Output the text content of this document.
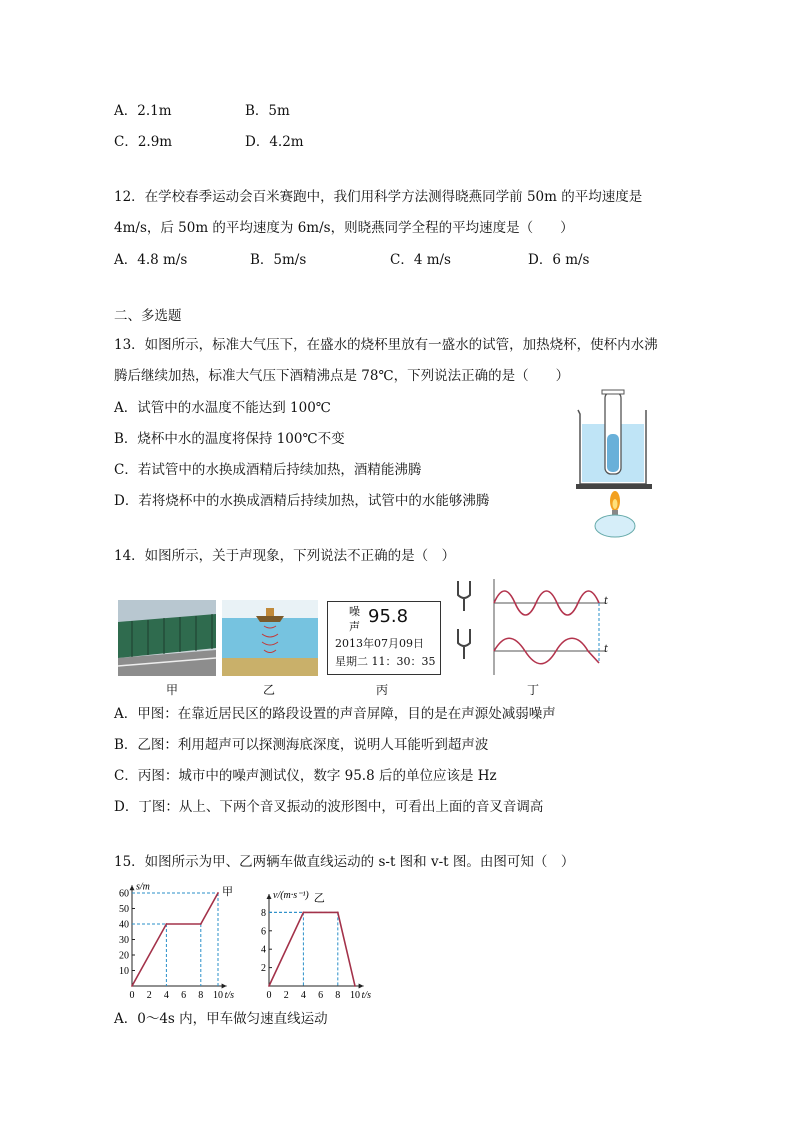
A．2.1m	B．5m
C．2.9m	D．4.2m
12．在学校春季运动会百米赛跑中，我们用科学方法测得晓燕同学前 50m 的平均速度是
4m/s，后 50m 的平均速度为 6m/s，则晓燕同学全程的平均速度是（　　）
A．4.8 m/s	B．5m/s	C．4 m/s	D．6 m/s
二、多选题
13．如图所示，标准大气压下，在盛水的烧杯里放有一盛水的试管，加热烧杯，使杯内水沸
腾后继续加热，标准大气压下酒精沸点是 78℃，下列说法正确的是（　　）
A．试管中的水温度不能达到 100℃
B．烧杯中水的温度将保持 100℃不变
C．若试管中的水换成酒精后持续加热，酒精能沸腾
D．若将烧杯中的水换成酒精后持续加热，试管中的水能够沸腾
14．如图所示，关于声现象，下列说法不正确的是（　）
噪
声 95.8
2013年07月09日
星期二 11：30：35
t
t
甲	乙	丙	丁
A．甲图：在靠近居民区的路段设置的声音屏障，目的是在声源处减弱噪声
B．乙图：利用超声可以探测海底深度，说明人耳能听到超声波
C．丙图：城市中的噪声测试仪，数字 95.8 后的单位应该是 Hz
D．丁图：从上、下两个音叉振动的波形图中，可看出上面的音叉音调高
15．如图所示为甲、乙两辆车做直线运动的 s-t 图和 v-t 图。由图可知（　）
0 2 4 6 8 10
10
20
30
40
50
60
t/s
s/m	甲
0 2 4 6 8 10
2
4
6
8
t/s
v/(m·s⁻¹) 乙
A．0～4s 内，甲车做匀速直线运动
